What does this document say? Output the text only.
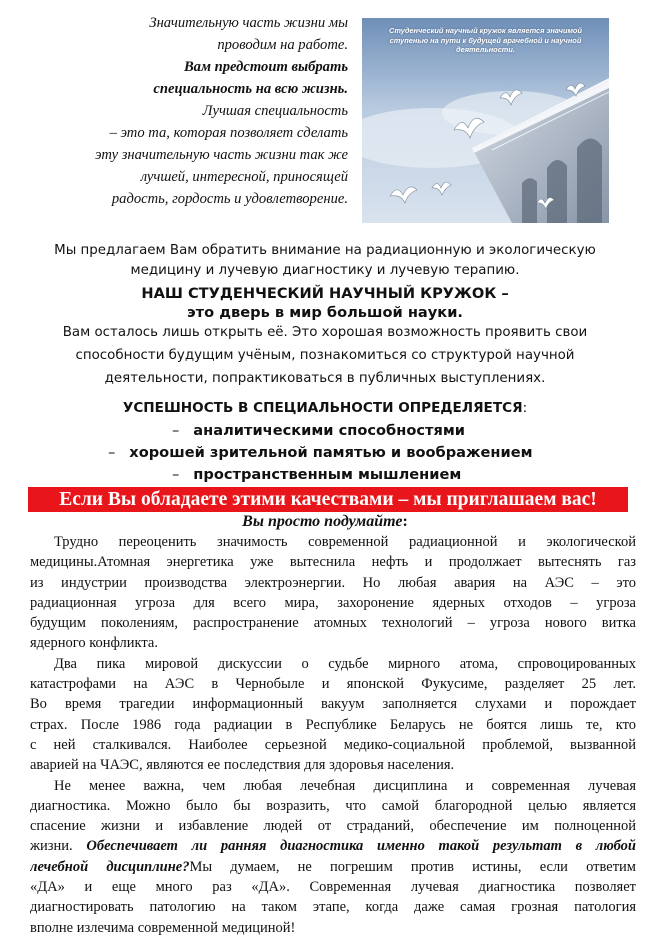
Значительную часть жизни мы
проводим на работе.
Вам предстоит выбрать
специальность на всю жизнь.
Лучшая специальность
– это та, которая позволяет сделать
эту значительную часть жизни так же
лучшей, интересной, приносящей
радость, гордость и удовлетворение.
Студенческий научный кружок является значимой
ступенью на пути к будущей врачебной и научной
деятельности.
Мы предлагаем Вам обратить внимание на радиационную и экологическую
медицину и лучевую диагностику и лучевую терапию.
НАШ СТУДЕНЧЕСКИЙ НАУЧНЫЙ КРУЖОК –
это дверь в мир большой науки.
Вам осталось лишь открыть её. Это хорошая возможность проявить свои
способности будущим учёным, познакомиться со структурой научной
деятельности, попрактиковаться в публичных выступлениях.
УСПЕШНОСТЬ В СПЕЦИАЛЬНОСТИ ОПРЕДЕЛЯЕТСЯ:
– аналитическими способностями
– хорошей зрительной памятью и воображением
– пространственным мышлением
Если Вы обладаете этими качествами – мы приглашаем вас!
Вы просто подумайте:
Трудно переоценить значимость современной радиационной и экологической
медицины.Атомная энергетика уже вытеснила нефть и продолжает вытеснять газ
из индустрии производства электроэнергии. Но любая авария на АЭС – это
радиационная угроза для всего мира, захоронение ядерных отходов – угроза
будущим поколениям, распространение атомных технологий – угроза нового витка
ядерного конфликта.
Два пика мировой дискуссии о судьбе мирного атома, спровоцированных
катастрофами на АЭС в Чернобыле и японской Фукусиме, разделяет 25 лет.
Во время трагедии информационный вакуум заполняется слухами и порождает
страх. После 1986 года радиации в Республике Беларусь не боятся лишь те, кто
с ней сталкивался. Наиболее серьезной медико-социальной проблемой, вызванной
аварией на ЧАЭС, являются ее последствия для здоровья населения.
Не менее важна, чем любая лечебная дисциплина и современная лучевая
диагностика. Можно было бы возразить, что самой благородной целью является
спасение жизни и избавление людей от страданий, обеспечение им полноценной
жизни. Обеспечивает ли ранняя диагностика именно такой результат в любой
лечебной дисциплине?Мы думаем, не погрешим против истины, если ответим
«ДА» и еще много раз «ДА». Современная лучевая диагностика позволяет
диагностировать патологию на таком этапе, когда даже самая грозная патология
вполне излечима современной медициной!
